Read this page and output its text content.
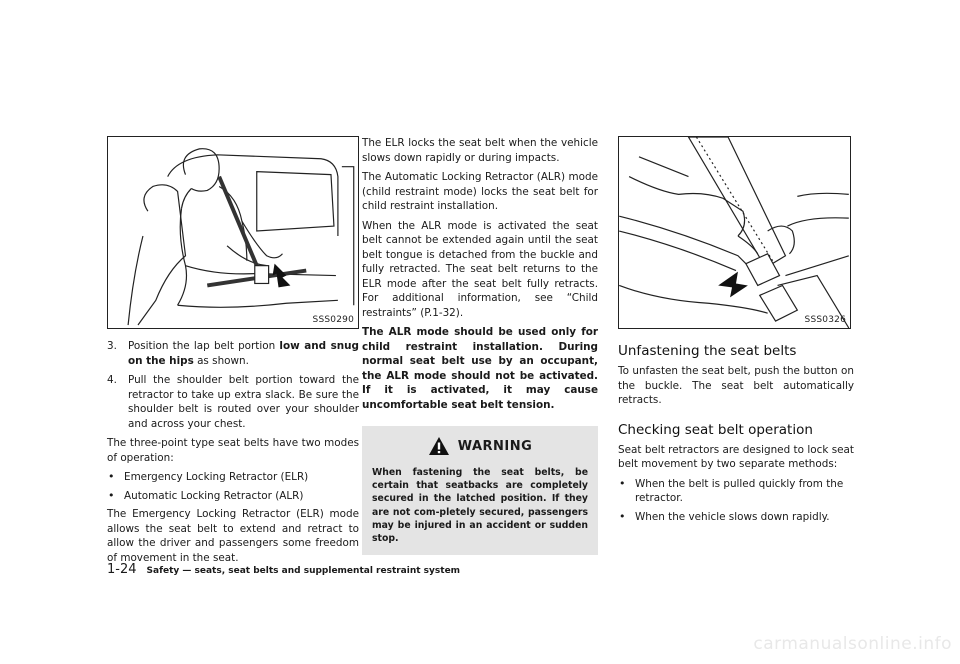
SSS0290
3. Position the lap belt portion low and snug on the hips as shown.
4. Pull the shoulder belt portion toward the retractor to take up extra slack. Be sure the shoulder belt is routed over your shoulder and across your chest.

The three-point type seat belts have two modes of operation:

• Emergency Locking Retractor (ELR)
• Automatic Locking Retractor (ALR)

The Emergency Locking Retractor (ELR) mode allows the seat belt to extend and retract to allow the driver and passengers some freedom of movement in the seat.

The ELR locks the seat belt when the vehicle slows down rapidly or during impacts.

The Automatic Locking Retractor (ALR) mode (child restraint mode) locks the seat belt for child restraint installation.

When the ALR mode is activated the seat belt cannot be extended again until the seat belt tongue is detached from the buckle and fully retracted. The seat belt returns to the ELR mode after the seat belt fully retracts. For additional information, see “Child restraints” (P.1-32).

The ALR mode should be used only for child restraint installation. During normal seat belt use by an occupant, the ALR mode should not be activated. If it is activated, it may cause uncomfortable seat belt tension.

WARNING

When fastening the seat belts, be certain that seatbacks are completely secured in the latched position. If they are not com-pletely secured, passengers may be injured in an accident or sudden stop.

SSS0326
Unfastening the seat belts

To unfasten the seat belt, push the button on the buckle. The seat belt automatically retracts.

Checking seat belt operation

Seat belt retractors are designed to lock seat belt movement by two separate methods:

• When the belt is pulled quickly from the retractor.
• When the vehicle slows down rapidly.
1-24 Safety — seats, seat belts and supplemental restraint system
carmanualsonline.info
